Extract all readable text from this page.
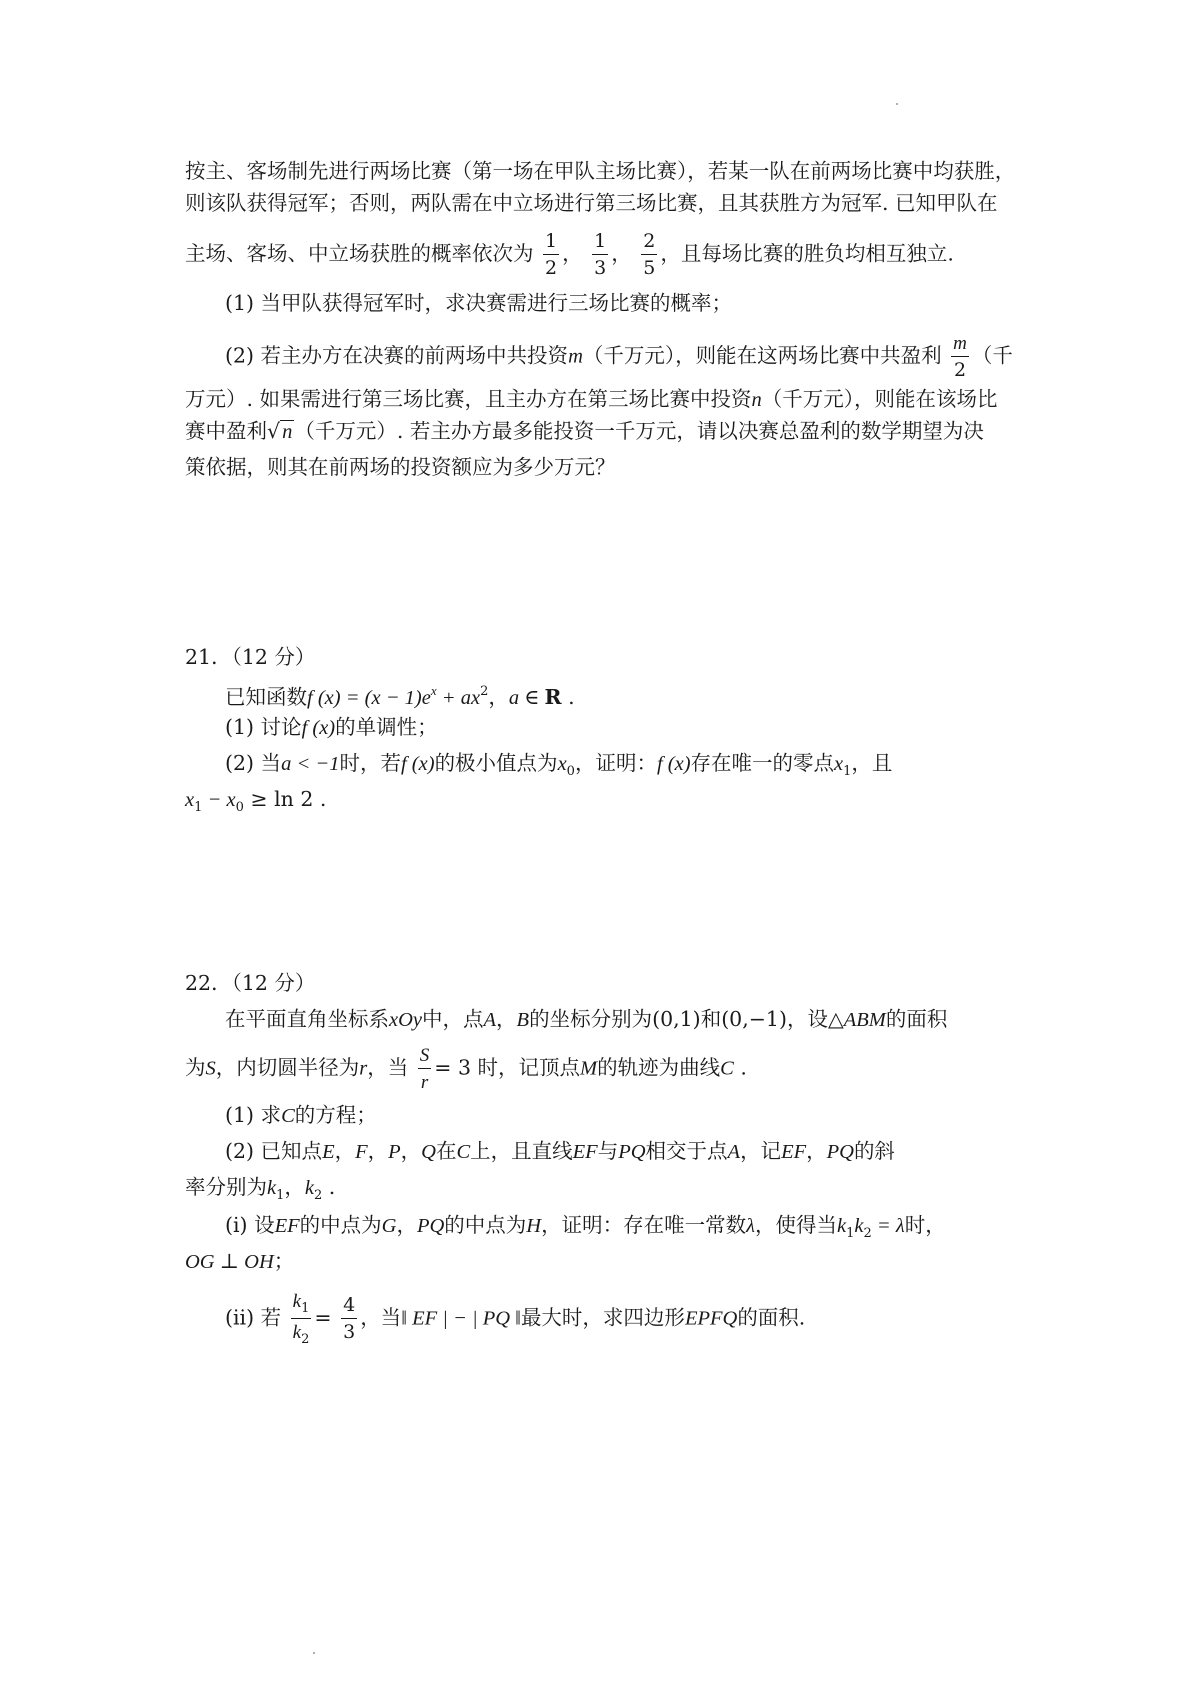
按主、客场制先进行两场比赛（第一场在甲队主场比赛），若某一队在前两场比赛中均获胜，
则该队获得冠军；否则，两队需在中立场进行第三场比赛，且其获胜方为冠军. 已知甲队在
主场、客场、中立场获胜的概率依次为 $\frac{1}{2}$ ， $\frac{1}{3}$ ， $\frac{2}{5}$ ，且每场比赛的胜负均相互独立.
(1) 当甲队获得冠军时，求决赛需进行三场比赛的概率；
(2) 若主办方在决赛的前两场中共投资m（千万元），则能在这两场比赛中共盈利 $\frac{m}{2}$ （千
万元）. 如果需进行第三场比赛，且主办方在第三场比赛中投资n（千万元），则能在该场比
赛中盈利√n（千万元）. 若主办方最多能投资一千万元，请以决赛总盈利的数学期望为决
策依据，则其在前两场的投资额应为多少万元？
21．（12 分）
已知函数f $(x) = (x - 1)e^x + ax^2$，a ∈ R .
(1) 讨论f (x)的单调性；
(2) 当a < −1时，若f (x)的极小值点为$x_0$，证明：f (x)存在唯一的零点$x_1$，且
$x_1 - x_0 \ge \ln 2$ .
22．（12 分）
在平面直角坐标系xOy中，点A，B的坐标分别为(0,1)和(0,−1)，设△ABM的面积
为S，内切圆半径为r，当 $\frac{S}{r} = 3$ 时，记顶点M的轨迹为曲线C .
(1) 求C的方程；
(2) 已知点E，F，P，Q在C上，且直线EF与PQ相交于点A，记EF，PQ的斜
率分别为$k_1$，$k_2$ .
(i) 设EF的中点为G，PQ的中点为H，证明：存在唯一常数λ，使得当$k_1k_2 = \lambda$时，
OG ⊥ OH；
(ii) 若 $\frac{k_1}{k_2} = \frac{4}{3}$ ，当‖ EF | − | PQ ‖最大时，求四边形EPFQ的面积.
